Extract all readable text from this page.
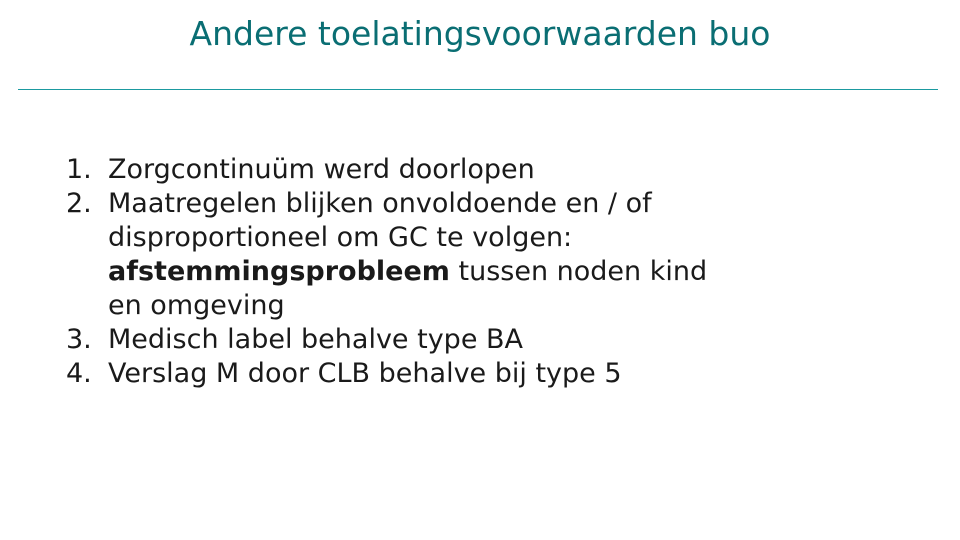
Andere toelatingsvoorwaarden buo
1. Zorgcontinuüm werd doorlopen
2. Maatregelen blijken onvoldoende en / of
disproportioneel om GC te volgen:
afstemmingsprobleem tussen noden kind
en omgeving
3. Medisch label behalve type BA
4. Verslag M door CLB behalve bij type 5
